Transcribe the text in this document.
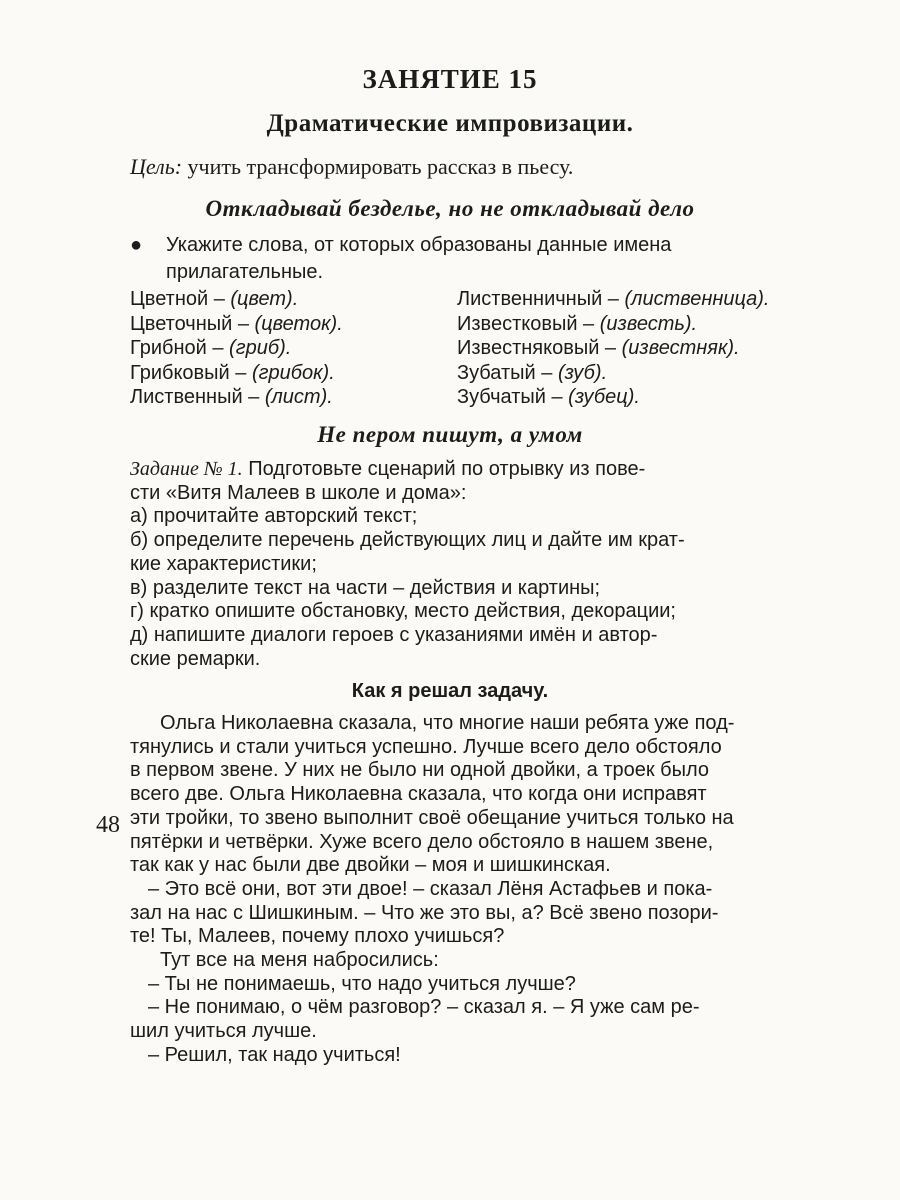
ЗАНЯТИЕ 15
Драматические импровизации.
Цель: учить трансформировать рассказ в пьесу.
Откладывай безделье, но не откладывай дело
●	Укажите слова, от которых образованы данные имена
прилагательные.
Цветной – (цвет).
Цветочный – (цветок).
Грибной – (гриб).
Грибковый – (грибок).
Лиственный – (лист).
Лиственничный – (лиственница).
Известковый – (известь).
Известняковый – (известняк).
Зубатый – (зуб).
Зубчатый – (зубец).
Не пером пишут, а умом
Задание № 1. Подготовьте сценарий по отрывку из пове-
сти «Витя Малеев в школе и дома»:
а) прочитайте авторский текст;
б) определите перечень действующих лиц и дайте им крат-
кие характеристики;
в) разделите текст на части – действия и картины;
г) кратко опишите обстановку, место действия, декорации;
д) напишите диалоги героев с указаниями имён и автор-
ские ремарки.
Как я решал задачу.
Ольга Николаевна сказала, что многие наши ребята уже под-
тянулись и стали учиться успешно. Лучше всего дело обстояло
в первом звене. У них не было ни одной двойки, а троек было
всего две. Ольга Николаевна сказала, что когда они исправят
эти тройки, то звено выполнит своё обещание учиться только на
пятёрки и четвёрки. Хуже всего дело обстояло в нашем звене,
так как у нас были две двойки – моя и шишкинская.
– Это всё они, вот эти двое! – сказал Лёня Астафьев и пока-
зал на нас с Шишкиным. – Что же это вы, а? Всё звено позори-
те! Ты, Малеев, почему плохо учишься?
Тут все на меня набросились:
– Ты не понимаешь, что надо учиться лучше?
– Не понимаю, о чём разговор? – сказал я. – Я уже сам ре-
шил учиться лучше.
– Решил, так надо учиться!
48
